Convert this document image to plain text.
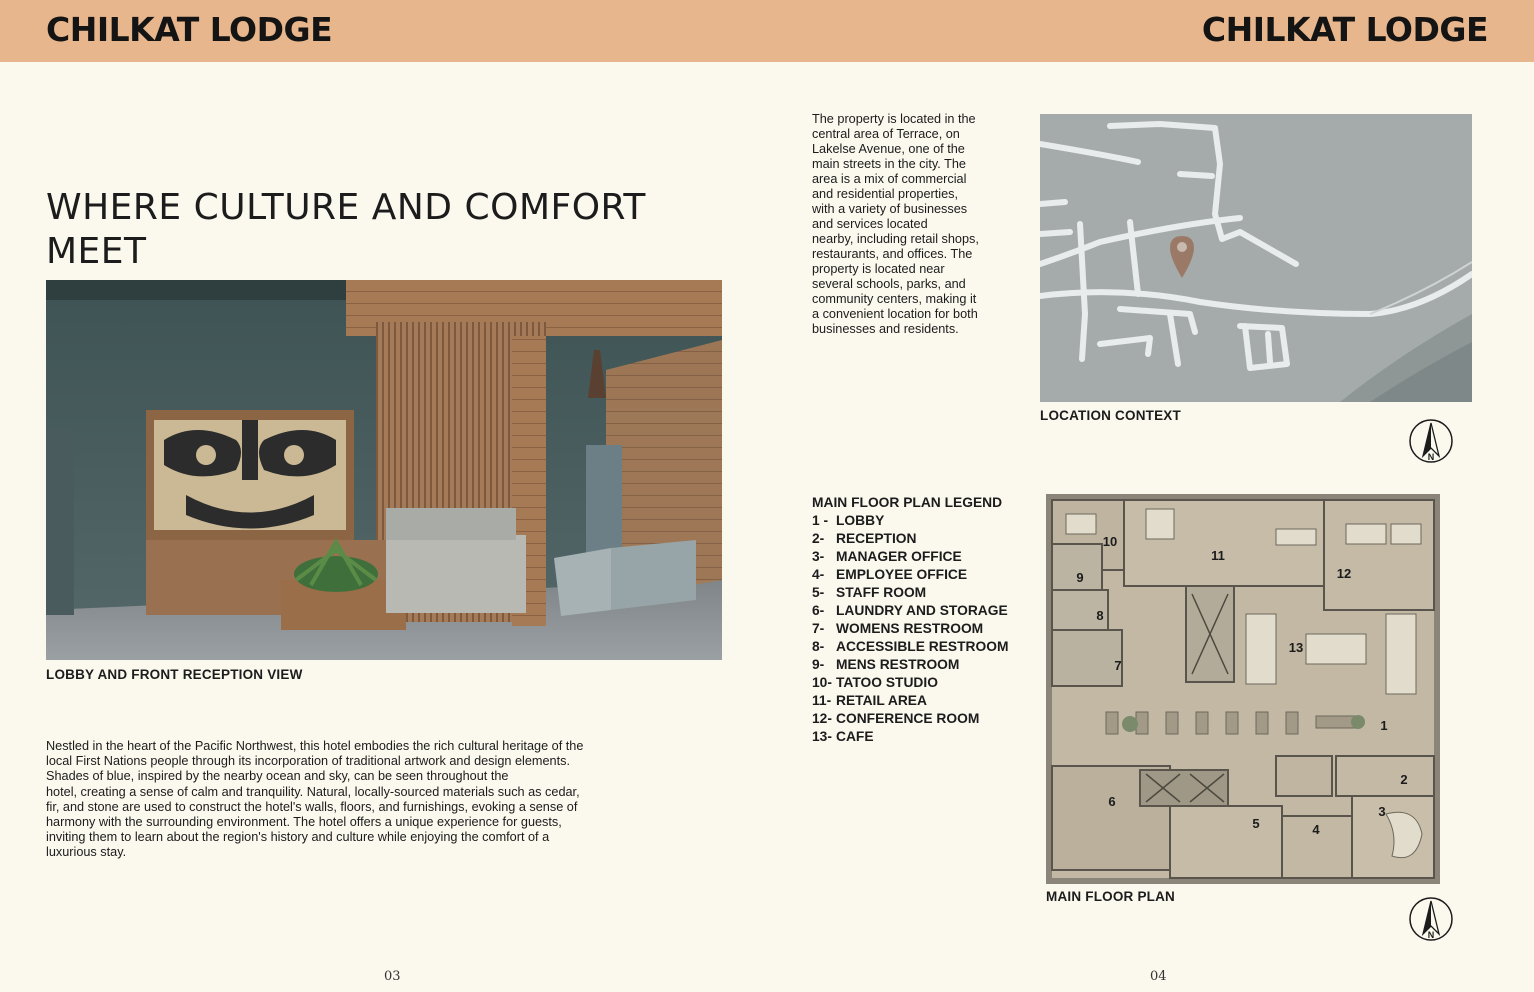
CHILKAT LODGE	CHILKAT LODGE
WHERE CULTURE AND COMFORT
MEET
LOBBY AND FRONT RECEPTION VIEW

Nestled in the heart of the Pacific Northwest, this hotel embodies the rich cultural heritage of the
local First Nations people through its incorporation of traditional artwork and design elements.
Shades of blue, inspired by the nearby ocean and sky, can be seen throughout the
hotel, creating a sense of calm and tranquility. Natural, locally-sourced materials such as cedar,
fir, and stone are used to construct the hotel's walls, floors, and furnishings, evoking a sense of
harmony with the surrounding environment. The hotel offers a unique experience for guests,
inviting them to learn about the region's history and culture while enjoying the comfort of a
luxurious stay.

03

The property is located in the
central area of Terrace, on
Lakelse Avenue, one of the
main streets in the city. The
area is a mix of commercial
and residential properties,
with a variety of businesses
and services located
nearby, including retail shops,
restaurants, and offices. The
property is located near
several schools, parks, and
community centers, making it
a convenient location for both
businesses and residents.

LOCATION CONTEXT
N
MAIN FLOOR PLAN LEGEND
1 - LOBBY
2- RECEPTION
3- MANAGER OFFICE
4- EMPLOYEE OFFICE
5- STAFF ROOM
6- LAUNDRY AND STORAGE
7- WOMENS RESTROOM
8- ACCESSIBLE RESTROOM
9- MENS RESTROOM
10- TATOO STUDIO
11- RETAIL AREA
12- CONFERENCE ROOM
13- CAFE
1
2
3
4
5
6
7
8
9
10
11
12
13
MAIN FLOOR PLAN
N
04
